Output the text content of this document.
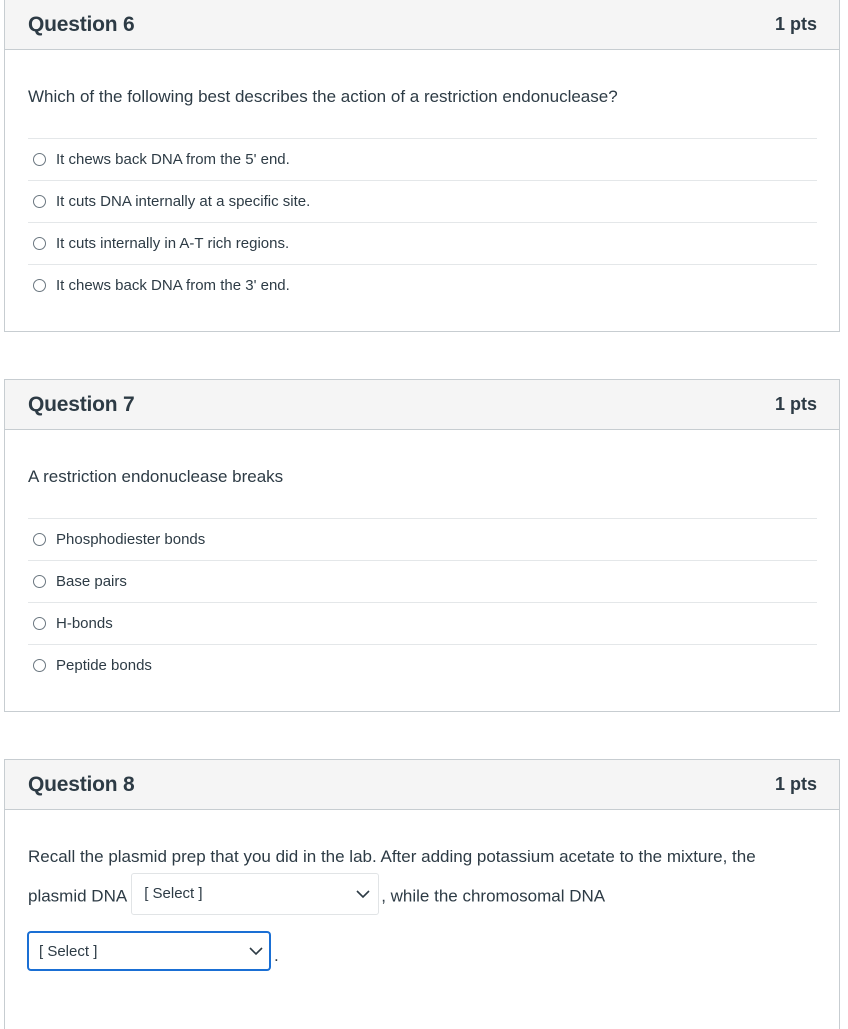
Question 6	1 pts
Which of the following best describes the action of a restriction endonuclease?
It chews back DNA from the 5' end.
It cuts DNA internally at a specific site.
It cuts internally in A-T rich regions.
It chews back DNA from the 3' end.
Question 7	1 pts
A restriction endonuclease breaks
Phosphodiester bonds
Base pairs
H-bonds
Peptide bonds
Question 8	1 pts
Recall the plasmid prep that you did in the lab. After adding potassium acetate to the mixture, the plasmid DNA [ Select ]	, while the chromosomal DNA
[ Select ]	.
